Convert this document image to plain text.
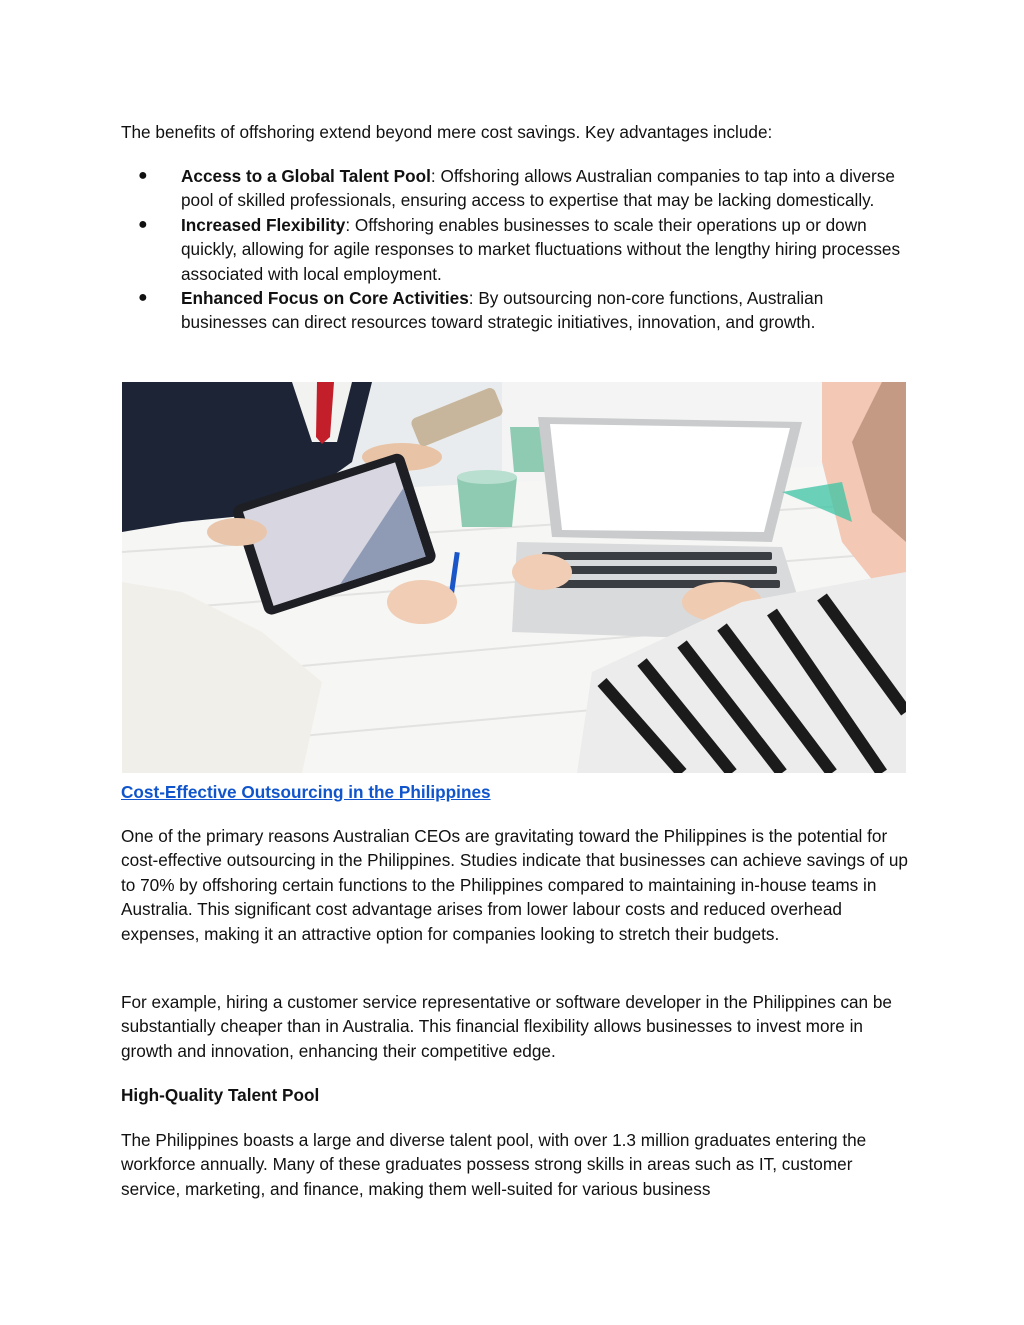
The benefits of offshoring extend beyond mere cost savings. Key advantages include:

● Access to a Global Talent Pool: Offshoring allows Australian companies to tap into a diverse pool of skilled professionals, ensuring access to expertise that may be lacking domestically.
● Increased Flexibility: Offshoring enables businesses to scale their operations up or down quickly, allowing for agile responses to market fluctuations without the lengthy hiring processes associated with local employment.
● Enhanced Focus on Core Activities: By outsourcing non-core functions, Australian businesses can direct resources toward strategic initiatives, innovation, and growth.
Cost-Effective Outsourcing in the Philippines

One of the primary reasons Australian CEOs are gravitating toward the Philippines is the potential for cost-effective outsourcing in the Philippines. Studies indicate that businesses can achieve savings of up to 70% by offshoring certain functions to the Philippines compared to maintaining in-house teams in Australia. This significant cost advantage arises from lower labour costs and reduced overhead expenses, making it an attractive option for companies looking to stretch their budgets.

For example, hiring a customer service representative or software developer in the Philippines can be substantially cheaper than in Australia. This financial flexibility allows businesses to invest more in growth and innovation, enhancing their competitive edge.

High-Quality Talent Pool

The Philippines boasts a large and diverse talent pool, with over 1.3 million graduates entering the workforce annually. Many of these graduates possess strong skills in areas such as IT, customer service, marketing, and finance, making them well-suited for various business
